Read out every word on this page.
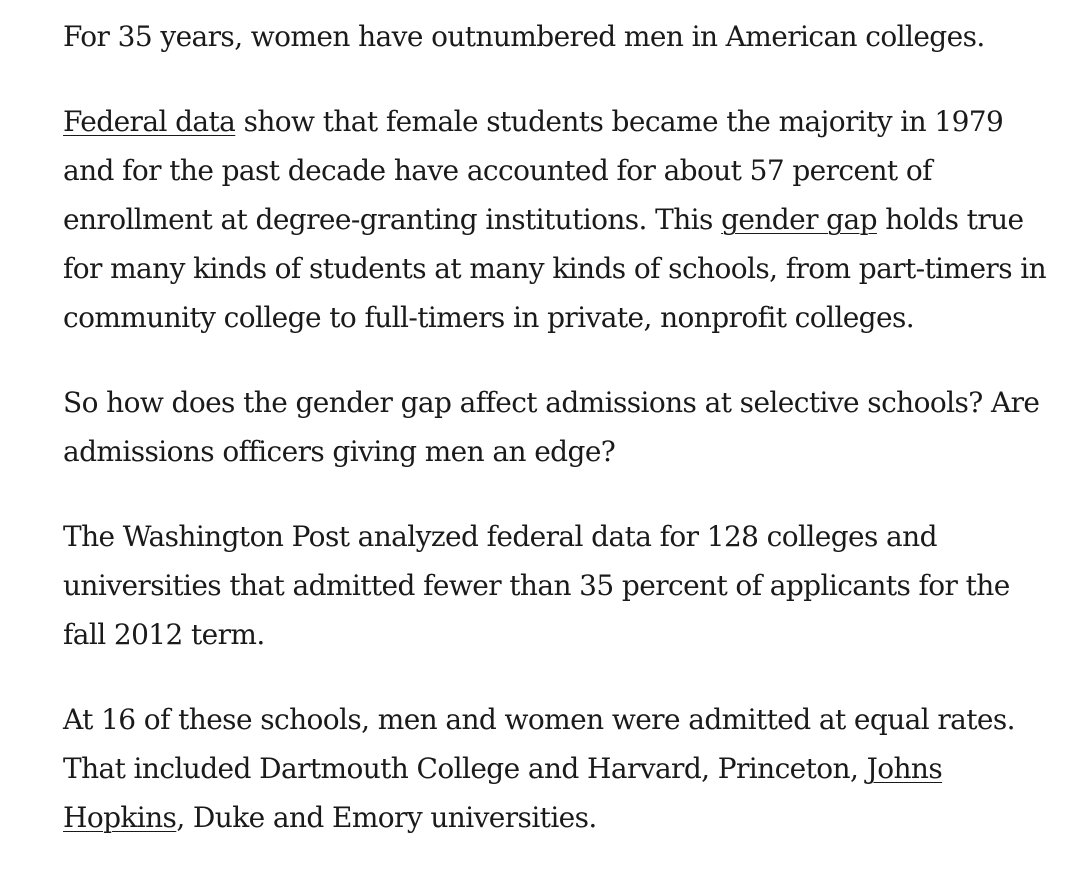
For 35 years, women have outnumbered men in American colleges.

Federal data show that female students became the majority in 1979 and for the past decade have accounted for about 57 percent of enrollment at degree-granting institutions. This gender gap holds true for many kinds of students at many kinds of schools, from part-timers in community college to full-timers in private, nonprofit colleges.

So how does the gender gap affect admissions at selective schools? Are admissions officers giving men an edge?

The Washington Post analyzed federal data for 128 colleges and universities that admitted fewer than 35 percent of applicants for the fall 2012 term.

At 16 of these schools, men and women were admitted at equal rates. That included Dartmouth College and Harvard, Princeton, Johns Hopkins, Duke and Emory universities.
